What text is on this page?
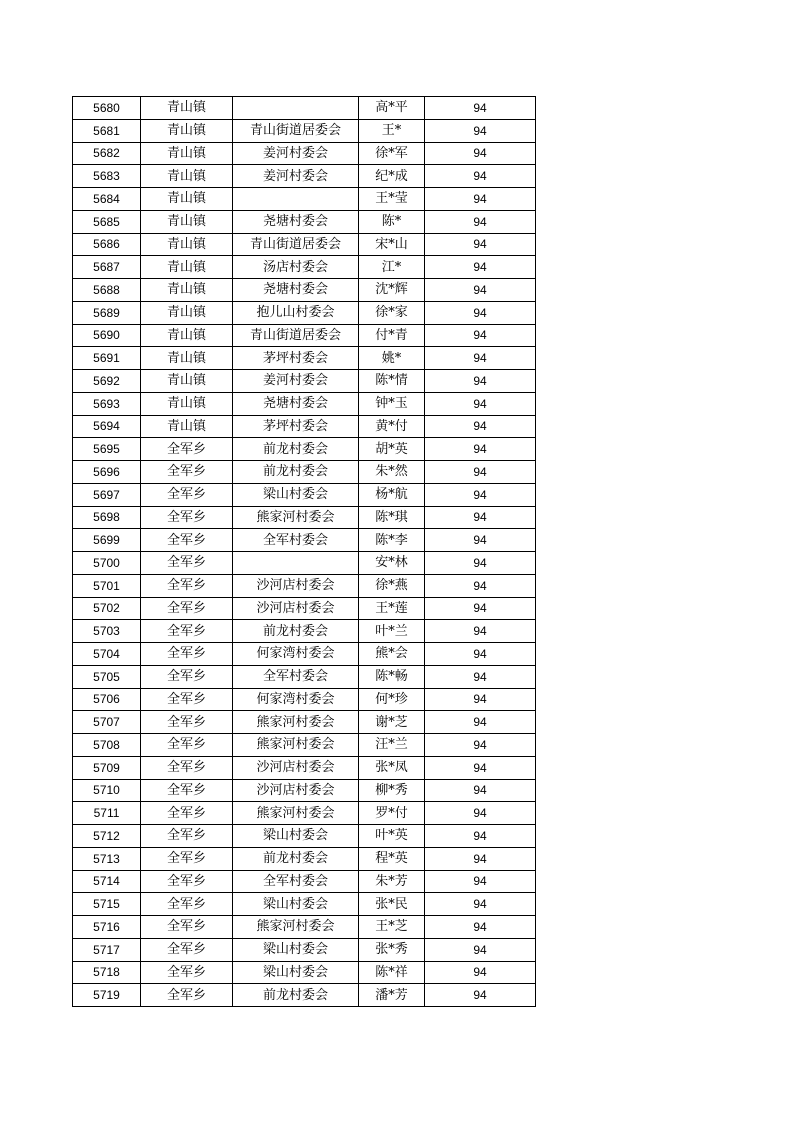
5680	青山镇		高*平	94
5681	青山镇	青山街道居委会	王*	94
5682	青山镇	姜河村委会	徐*军	94
5683	青山镇	姜河村委会	纪*成	94
5684	青山镇		王*莹	94
5685	青山镇	尧塘村委会	陈*	94
5686	青山镇	青山街道居委会	宋*山	94
5687	青山镇	汤店村委会	江*	94
5688	青山镇	尧塘村委会	沈*辉	94
5689	青山镇	抱儿山村委会	徐*家	94
5690	青山镇	青山街道居委会	付*青	94
5691	青山镇	茅坪村委会	姚*	94
5692	青山镇	姜河村委会	陈*情	94
5693	青山镇	尧塘村委会	钟*玉	94
5694	青山镇	茅坪村委会	黄*付	94
5695	全军乡	前龙村委会	胡*英	94
5696	全军乡	前龙村委会	朱*然	94
5697	全军乡	梁山村委会	杨*航	94
5698	全军乡	熊家河村委会	陈*琪	94
5699	全军乡	全军村委会	陈*李	94
5700	全军乡		安*林	94
5701	全军乡	沙河店村委会	徐*燕	94
5702	全军乡	沙河店村委会	王*莲	94
5703	全军乡	前龙村委会	叶*兰	94
5704	全军乡	何家湾村委会	熊*会	94
5705	全军乡	全军村委会	陈*畅	94
5706	全军乡	何家湾村委会	何*珍	94
5707	全军乡	熊家河村委会	谢*芝	94
5708	全军乡	熊家河村委会	汪*兰	94
5709	全军乡	沙河店村委会	张*凤	94
5710	全军乡	沙河店村委会	柳*秀	94
5711	全军乡	熊家河村委会	罗*付	94
5712	全军乡	梁山村委会	叶*英	94
5713	全军乡	前龙村委会	程*英	94
5714	全军乡	全军村委会	朱*芳	94
5715	全军乡	梁山村委会	张*民	94
5716	全军乡	熊家河村委会	王*芝	94
5717	全军乡	梁山村委会	张*秀	94
5718	全军乡	梁山村委会	陈*祥	94
5719	全军乡	前龙村委会	潘*芳	94
